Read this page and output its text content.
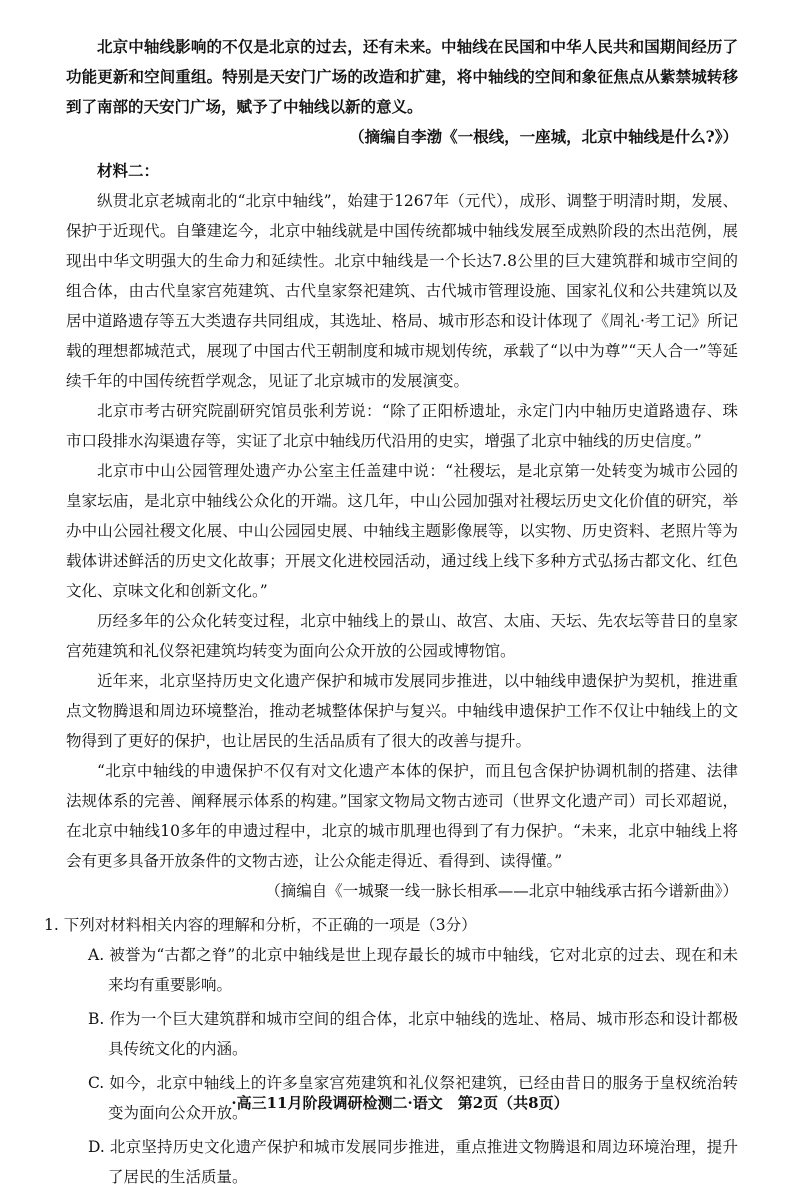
北京中轴线影响的不仅是北京的过去，还有未来。中轴线在民国和中华人民共和国期间经历了功能更新和空间重组。特别是天安门广场的改造和扩建，将中轴线的空间和象征焦点从紫禁城转移到了南部的天安门广场，赋予了中轴线以新的意义。

（摘编自李渤《一根线，一座城，北京中轴线是什么?》）

材料二：

纵贯北京老城南北的“北京中轴线”，始建于1267年（元代），成形、调整于明清时期，发展、保护于近现代。自肇建迄今，北京中轴线就是中国传统都城中轴线发展至成熟阶段的杰出范例，展现出中华文明强大的生命力和延续性。北京中轴线是一个长达7.8公里的巨大建筑群和城市空间的组合体，由古代皇家宫苑建筑、古代皇家祭祀建筑、古代城市管理设施、国家礼仪和公共建筑以及居中道路遗存等五大类遗存共同组成，其选址、格局、城市形态和设计体现了《周礼·考工记》所记载的理想都城范式，展现了中国古代王朝制度和城市规划传统，承载了“以中为尊”“天人合一”等延续千年的中国传统哲学观念，见证了北京城市的发展演变。

北京市考古研究院副研究馆员张利芳说：“除了正阳桥遗址，永定门内中轴历史道路遗存、珠市口段排水沟渠遗存等，实证了北京中轴线历代沿用的史实，增强了北京中轴线的历史信度。”

北京市中山公园管理处遗产办公室主任盖建中说：“社稷坛，是北京第一处转变为城市公园的皇家坛庙，是北京中轴线公众化的开端。这几年，中山公园加强对社稷坛历史文化价值的研究，举办中山公园社稷文化展、中山公园园史展、中轴线主题影像展等，以实物、历史资料、老照片等为载体讲述鲜活的历史文化故事；开展文化进校园活动，通过线上线下多种方式弘扬古都文化、红色文化、京味文化和创新文化。”

历经多年的公众化转变过程，北京中轴线上的景山、故宫、太庙、天坛、先农坛等昔日的皇家宫苑建筑和礼仪祭祀建筑均转变为面向公众开放的公园或博物馆。

近年来，北京坚持历史文化遗产保护和城市发展同步推进，以中轴线申遗保护为契机，推进重点文物腾退和周边环境整治，推动老城整体保护与复兴。中轴线申遗保护工作不仅让中轴线上的文物得到了更好的保护，也让居民的生活品质有了很大的改善与提升。

“北京中轴线的申遗保护不仅有对文化遗产本体的保护，而且包含保护协调机制的搭建、法律法规体系的完善、阐释展示体系的构建。”国家文物局文物古迹司（世界文化遗产司）司长邓超说，在北京中轴线10多年的申遗过程中，北京的城市肌理也得到了有力保护。“未来，北京中轴线上将会有更多具备开放条件的文物古迹，让公众能走得近、看得到、读得懂。”

（摘编自《一城聚一线一脉长相承——北京中轴线承古拓今谱新曲》）

1. 下列对材料相关内容的理解和分析，不正确的一项是（3分）

A. 被誉为“古都之脊”的北京中轴线是世上现存最长的城市中轴线，它对北京的过去、现在和未来均有重要影响。

B. 作为一个巨大建筑群和城市空间的组合体，北京中轴线的选址、格局、城市形态和设计都极具传统文化的内涵。

C. 如今，北京中轴线上的许多皇家宫苑建筑和礼仪祭祀建筑，已经由昔日的服务于皇权统治转变为面向公众开放。

D. 北京坚持历史文化遗产保护和城市发展同步推进，重点推进文物腾退和周边环境治理，提升了居民的生活质量。

·高三11月阶段调研检测二·语文　第2页（共8页）
